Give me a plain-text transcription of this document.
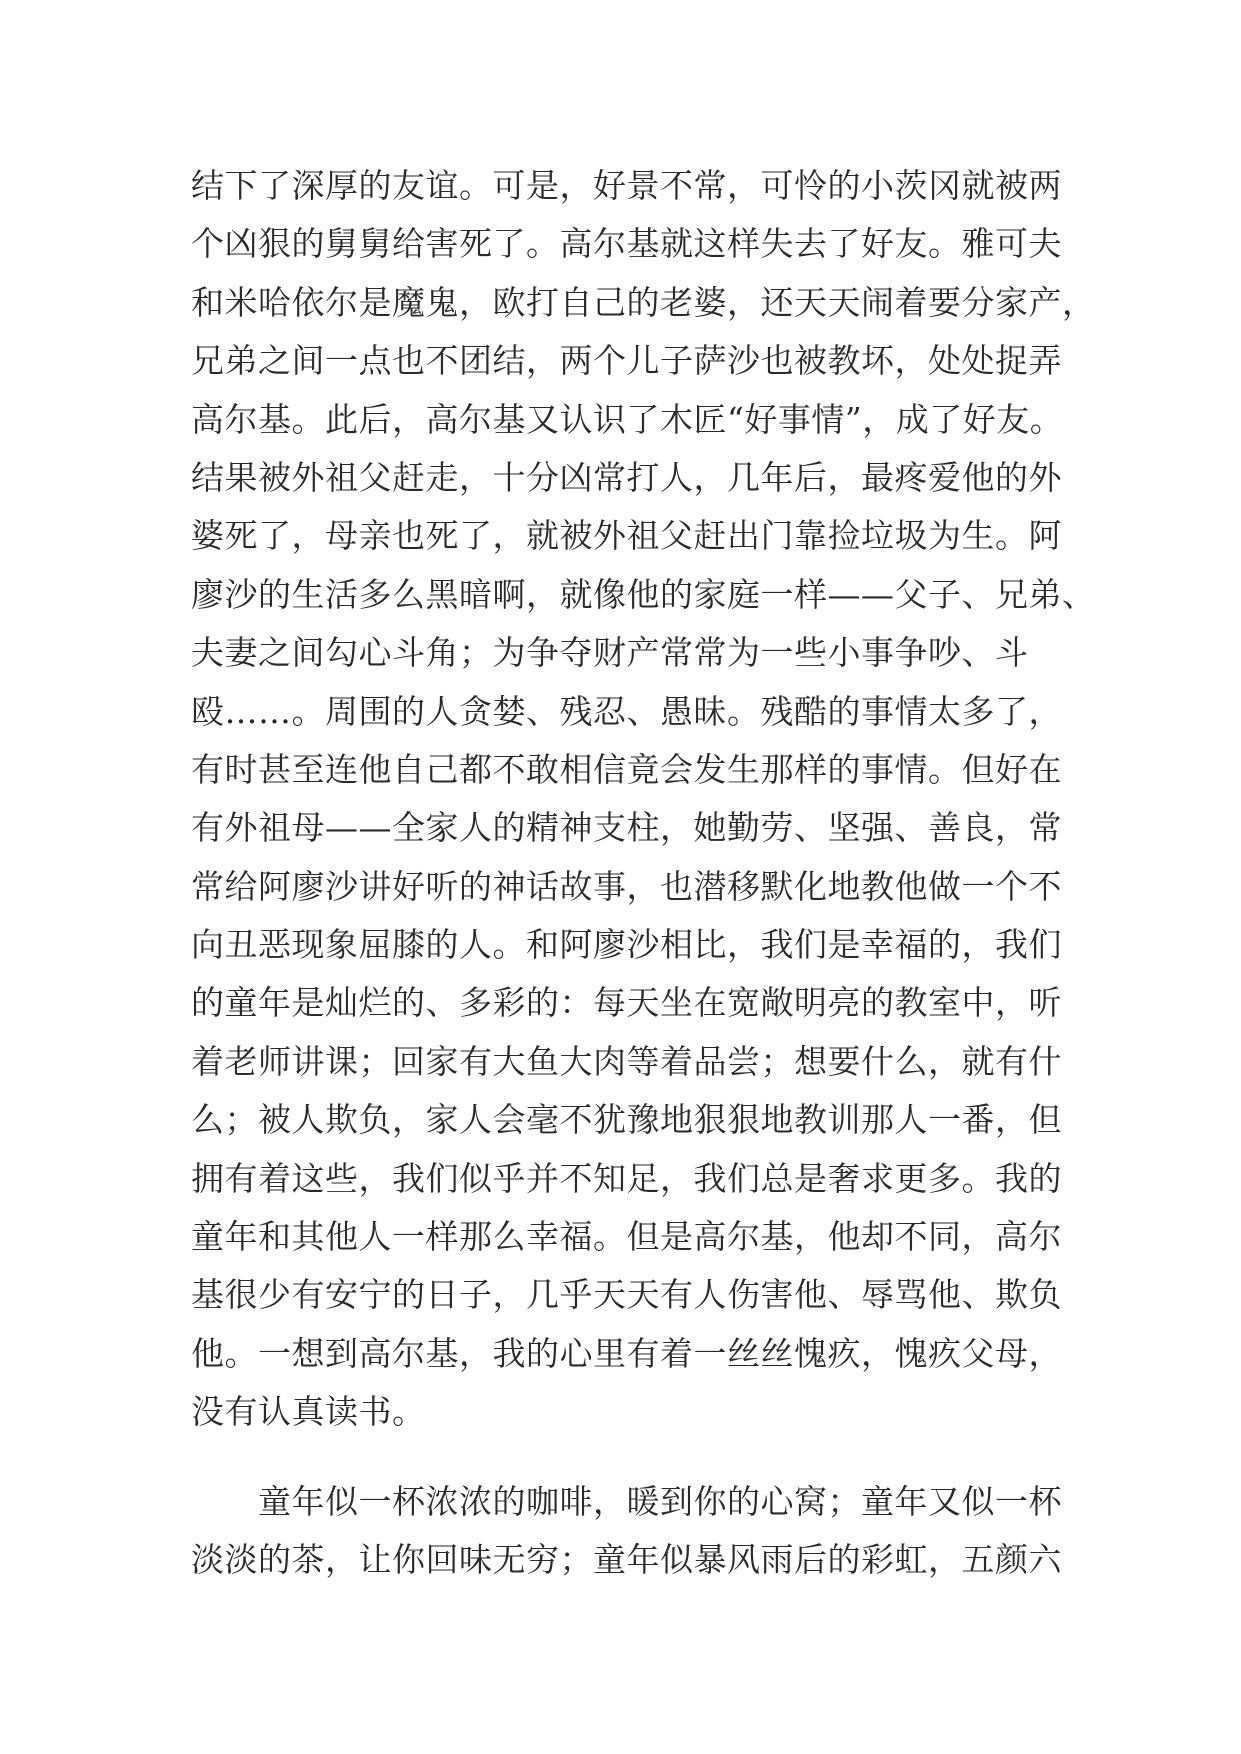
结下了深厚的友谊。可是，好景不常，可怜的小茨冈就被两
个凶狠的舅舅给害死了。高尔基就这样失去了好友。雅可夫
和米哈依尔是魔鬼，欧打自己的老婆，还天天闹着要分家产，
兄弟之间一点也不团结，两个儿子萨沙也被教坏，处处捉弄
高尔基。此后，高尔基又认识了木匠“好事情”，成了好友。
结果被外祖父赶走，十分凶常打人，几年后，最疼爱他的外
婆死了，母亲也死了，就被外祖父赶出门靠捡垃圾为生。阿
廖沙的生活多么黑暗啊，就像他的家庭一样——父子、兄弟、
夫妻之间勾心斗角；为争夺财产常常为一些小事争吵、斗
殴……。周围的人贪婪、残忍、愚昧。残酷的事情太多了，
有时甚至连他自己都不敢相信竟会发生那样的事情。但好在
有外祖母——全家人的精神支柱，她勤劳、坚强、善良，常
常给阿廖沙讲好听的神话故事，也潜移默化地教他做一个不
向丑恶现象屈膝的人。和阿廖沙相比，我们是幸福的，我们
的童年是灿烂的、多彩的：每天坐在宽敞明亮的教室中，听
着老师讲课；回家有大鱼大肉等着品尝；想要什么，就有什
么；被人欺负，家人会毫不犹豫地狠狠地教训那人一番，但
拥有着这些，我们似乎并不知足，我们总是奢求更多。我的
童年和其他人一样那么幸福。但是高尔基，他却不同，高尔
基很少有安宁的日子，几乎天天有人伤害他、辱骂他、欺负
他。一想到高尔基，我的心里有着一丝丝愧疚，愧疚父母，
没有认真读书。
童年似一杯浓浓的咖啡，暖到你的心窝；童年又似一杯
淡淡的茶，让你回味无穷；童年似暴风雨后的彩虹，五颜六
